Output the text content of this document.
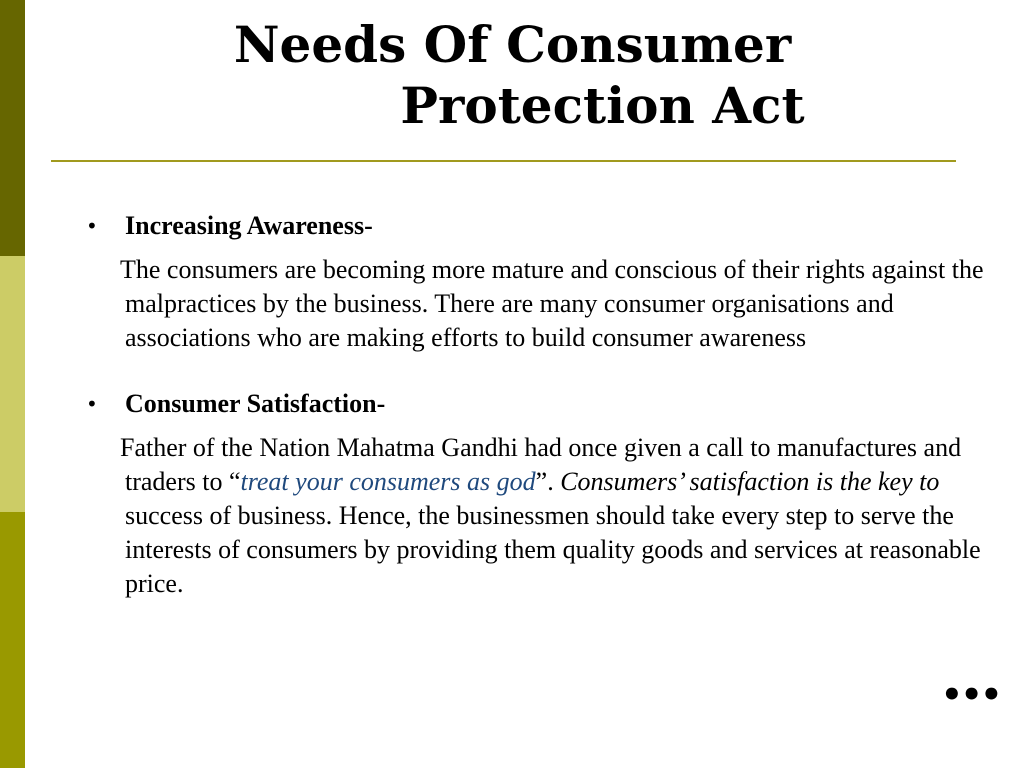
Needs Of Consumer
Protection Act
• Increasing Awareness-

The consumers are becoming more mature and conscious of their rights against the malpractices by the business. There are many consumer organisations and associations who are making efforts to build consumer awareness

• Consumer Satisfaction-

Father of the Nation Mahatma Gandhi had once given a call to manufactures and traders to “treat your consumers as god”. Consumers’ satisfaction is the key to success of business. Hence, the businessmen should take every step to serve the interests of consumers by providing them quality goods and services at reasonable price.

•••
